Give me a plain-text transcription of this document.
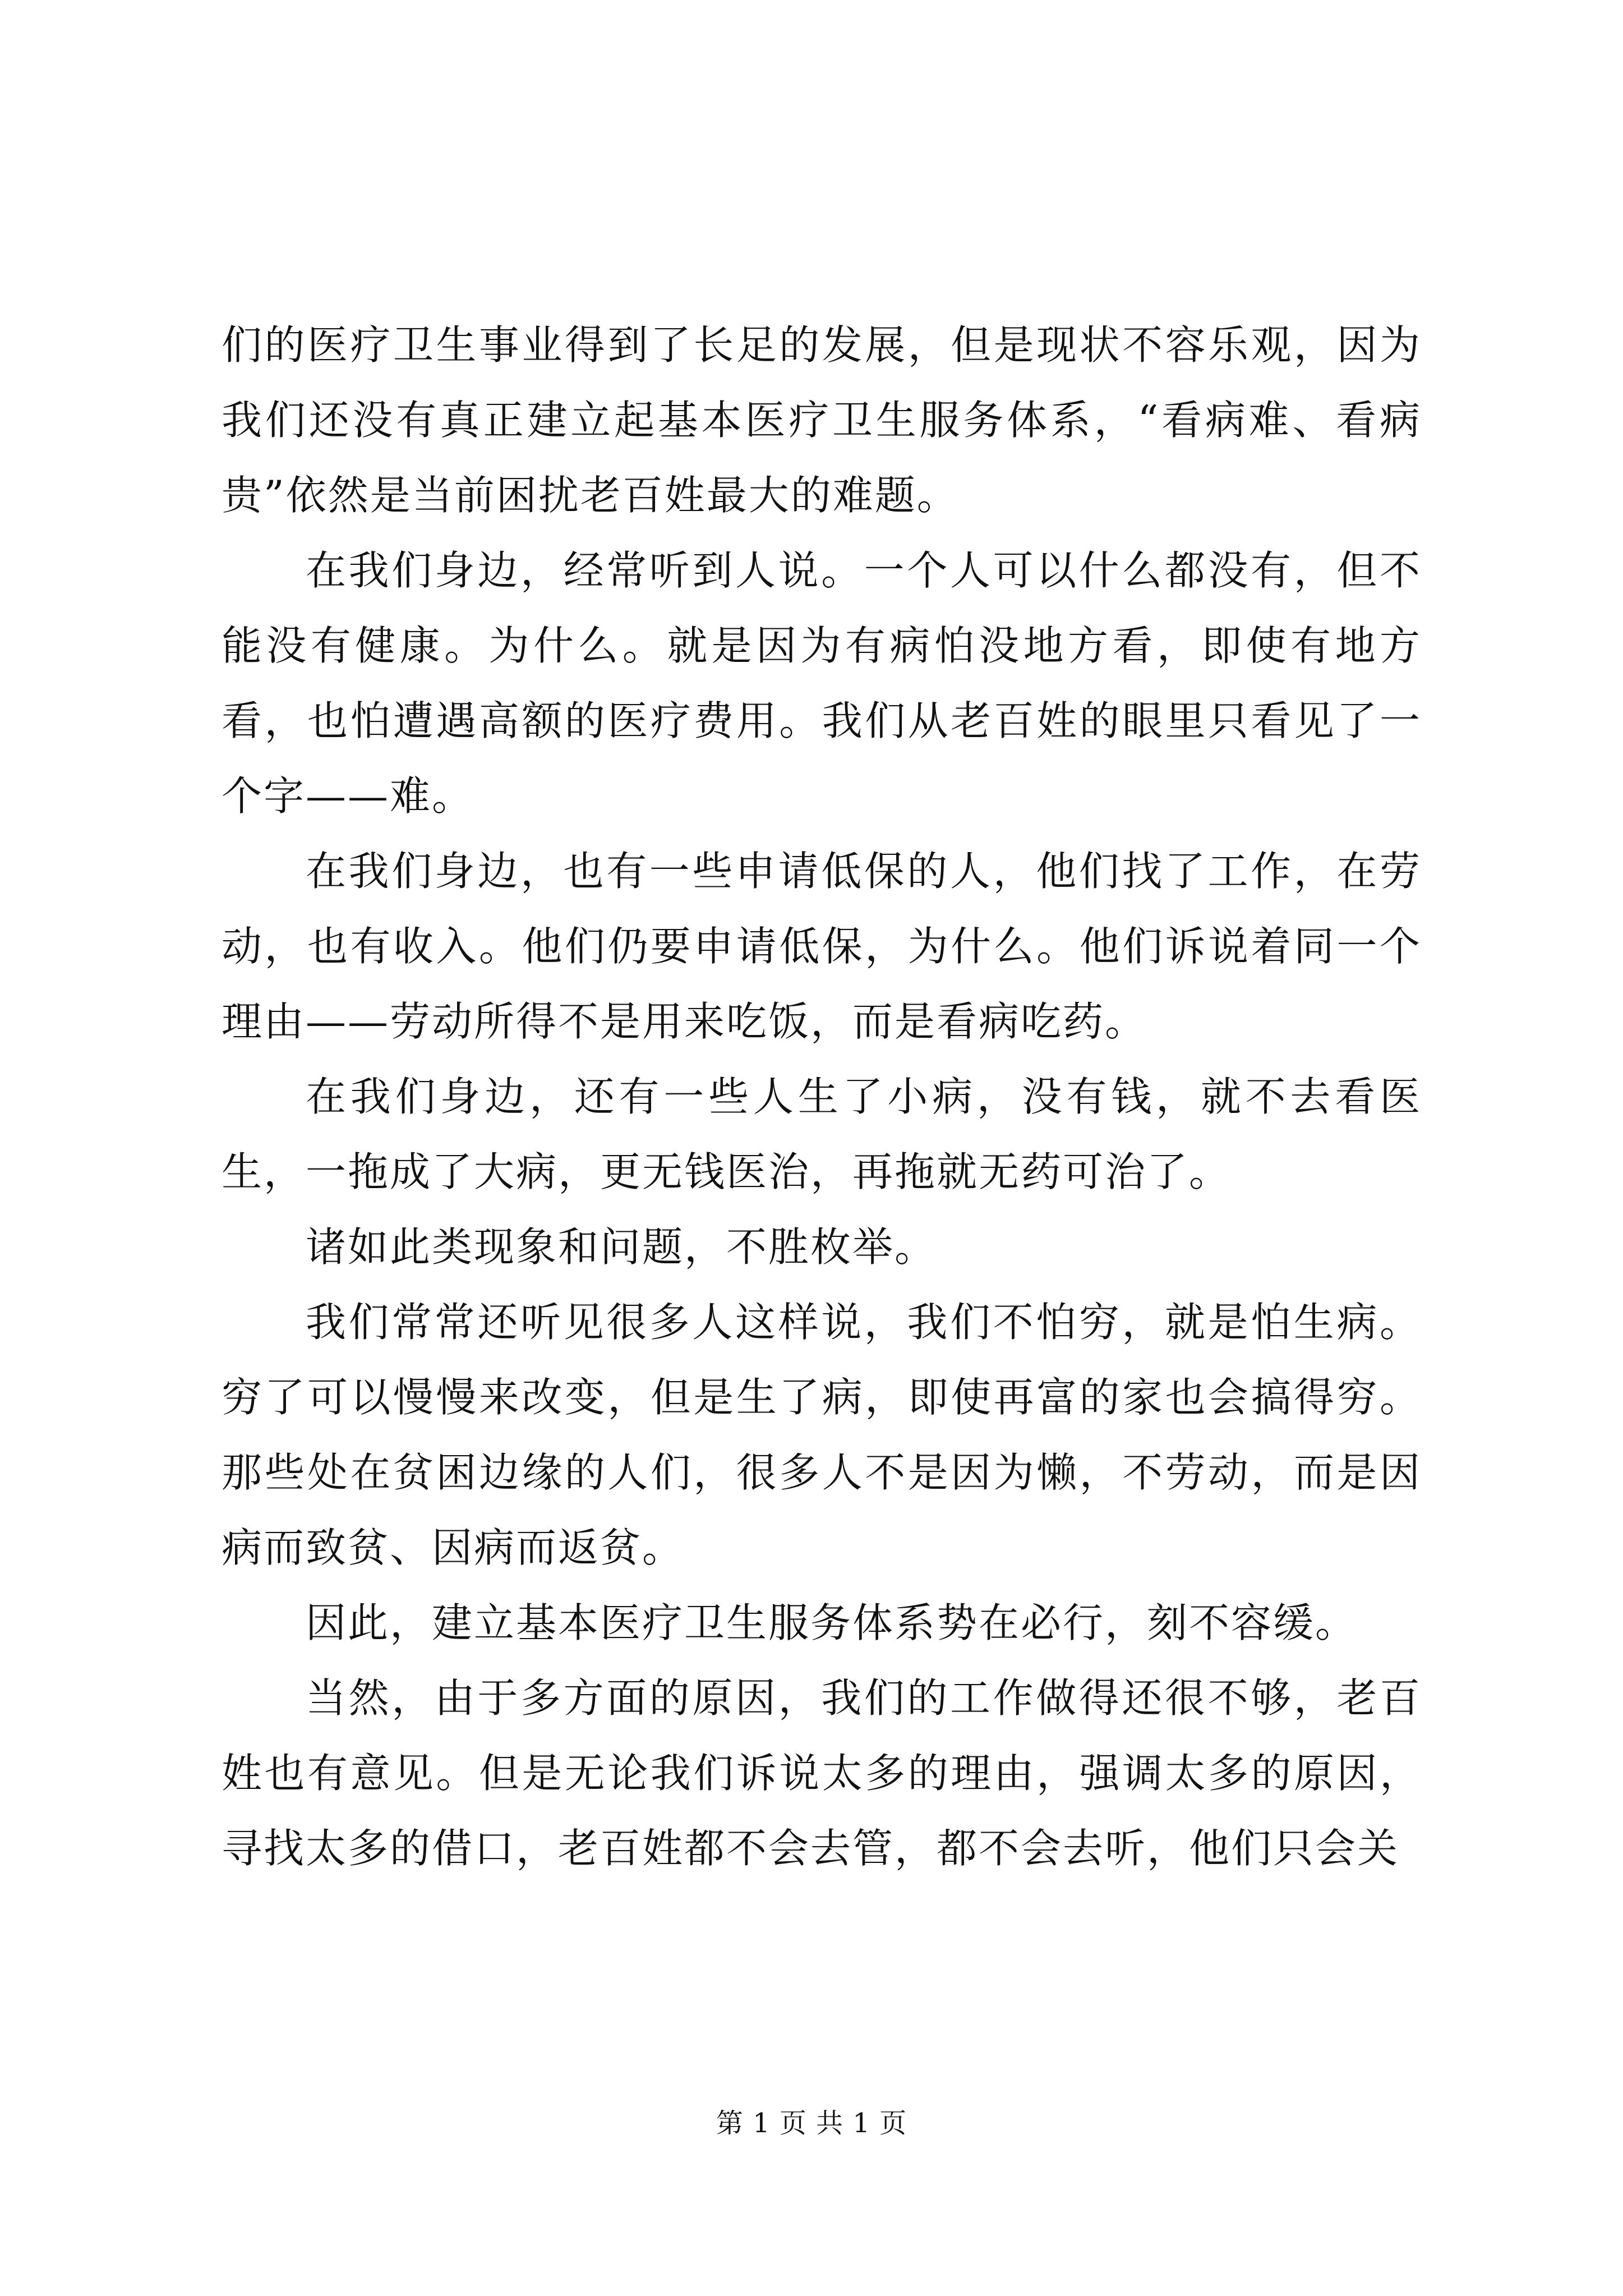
们的医疗卫生事业得到了长足的发展，但是现状不容乐观，因为我们还没有真正建立起基本医疗卫生服务体系，“看病难、看病贵”依然是当前困扰老百姓最大的难题。

在我们身边，经常听到人说。一个人可以什么都没有，但不能没有健康。为什么。就是因为有病怕没地方看，即使有地方看，也怕遭遇高额的医疗费用。我们从老百姓的眼里只看见了一个字——难。

在我们身边，也有一些申请低保的人，他们找了工作，在劳动，也有收入。他们仍要申请低保，为什么。他们诉说着同一个理由——劳动所得不是用来吃饭，而是看病吃药。

在我们身边，还有一些人生了小病，没有钱，就不去看医生，一拖成了大病，更无钱医治，再拖就无药可治了。

诸如此类现象和问题，不胜枚举。

我们常常还听见很多人这样说，我们不怕穷，就是怕生病。穷了可以慢慢来改变，但是生了病，即使再富的家也会搞得穷。那些处在贫困边缘的人们，很多人不是因为懒，不劳动，而是因病而致贫、因病而返贫。

因此，建立基本医疗卫生服务体系势在必行，刻不容缓。

当然，由于多方面的原因，我们的工作做得还很不够，老百姓也有意见。但是无论我们诉说太多的理由，强调太多的原因，寻找太多的借口，老百姓都不会去管，都不会去听，他们只会关

第 1 页 共 1 页
